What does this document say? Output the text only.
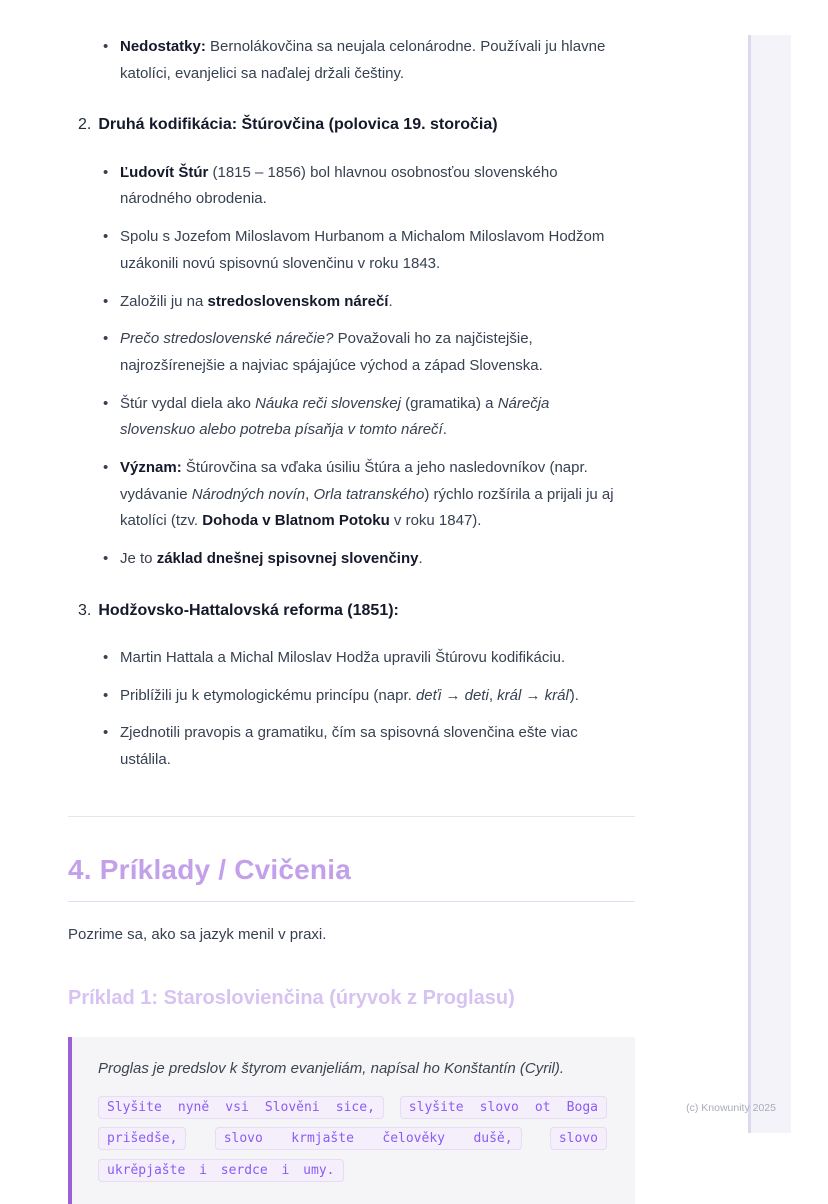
• Nedostatky: Bernolákovčina sa neujala celonárodne. Používali ju hlavne katolíci, evanjelici sa naďalej držali češtiny.
2. Druhá kodifikácia: Štúrovčina (polovica 19. storočia)
• Ľudovít Štúr (1815 – 1856) bol hlavnou osobnosťou slovenského národného obrodenia.
• Spolu s Jozefom Miloslavom Hurbanom a Michalom Miloslavom Hodžom uzákonili novú spisovnú slovenčinu v roku 1843.
• Založili ju na stredoslovenskom nárečí.
• Prečo stredoslovenské nárečie? Považovali ho za najčistejšie, najrozšírenejšie a najviac spájajúce východ a západ Slovenska.
• Štúr vydal diela ako Náuka reči slovenskej (gramatika) a Nárečja slovenskuo alebo potreba písaňja v tomto nárečí.
• Význam: Štúrovčina sa vďaka úsiliu Štúra a jeho nasledovníkov (napr. vydávanie Národných novín, Orla tatranského) rýchlo rozšírila a prijali ju aj katolíci (tzv. Dohoda v Blatnom Potoku v roku 1847).
• Je to základ dnešnej spisovnej slovenčiny.
3. Hodžovsko-Hattalovská reforma (1851):
• Martin Hattala a Michal Miloslav Hodža upravili Štúrovu kodifikáciu.
• Priblížili ju k etymologickému princípu (napr. deťi → deti, král → kráľ).
• Zjednotili pravopis a gramatiku, čím sa spisovná slovenčina ešte viac ustálila.
4. Príklady / Cvičenia

Pozrime sa, ako sa jazyk menil v praxi.

Príklad 1: Staroslovienčina (úryvok z Proglasu)

Proglas je predslov k štyrom evanjeliám, napísal ho Konštantín (Cyril).

Slyšite nyně vsi Slověni sice,	slyšite slovo ot Boga prišedše,	slovo krmjašte čelověky dušě,	slovo ukrěpjašte i serdce i umy.

(c) Knowunity 2025
